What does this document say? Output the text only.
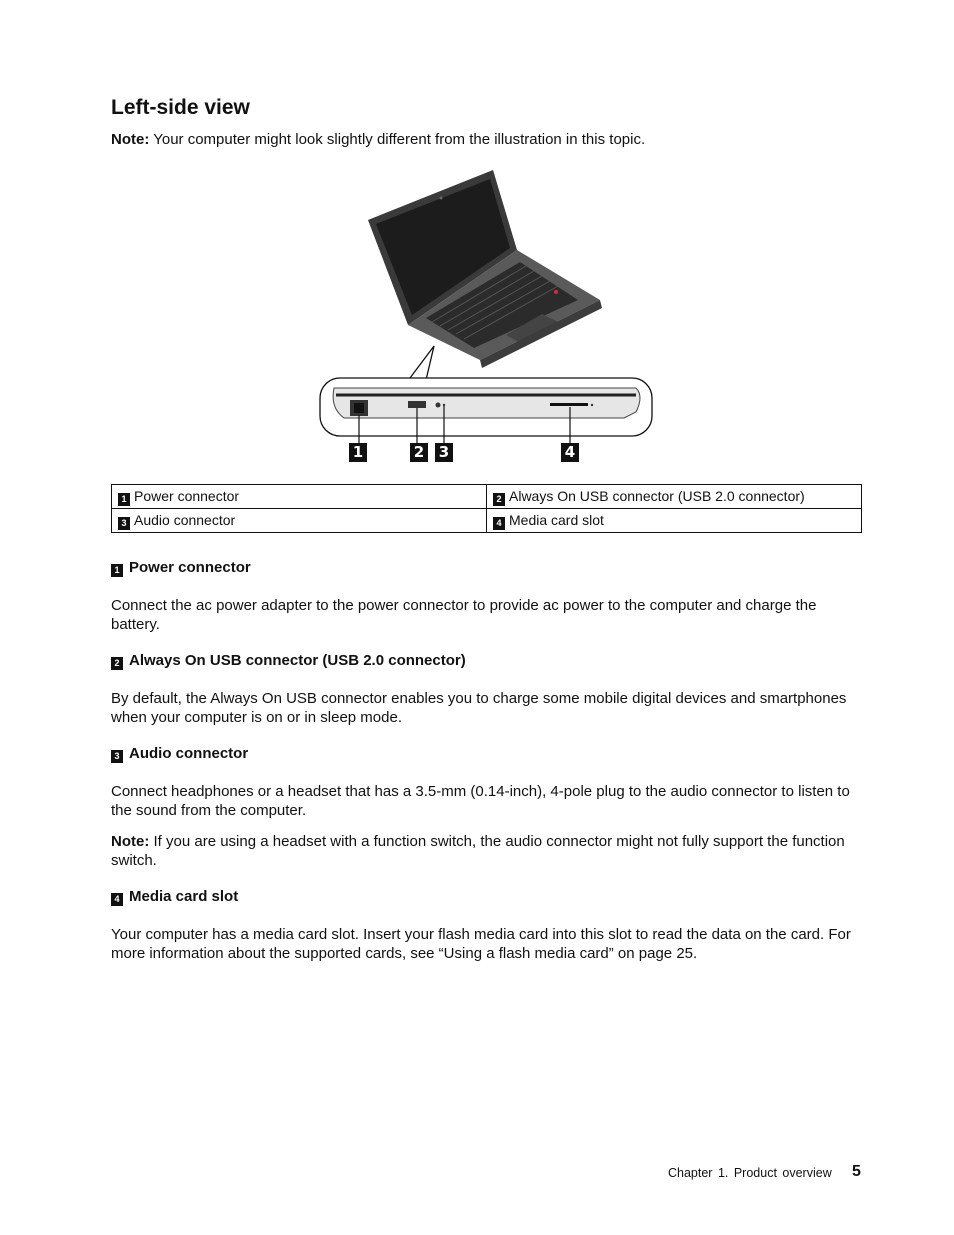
Left-side view

Note: Your computer might look slightly different from the illustration in this topic.

1	2 3	4
1 Power connector	2 Always On USB connector (USB 2.0 connector)
3 Audio connector	4 Media card slot
1 Power connector

Connect the ac power adapter to the power connector to provide ac power to the computer and charge the battery.

2 Always On USB connector (USB 2.0 connector)

By default, the Always On USB connector enables you to charge some mobile digital devices and smartphones when your computer is on or in sleep mode.

3 Audio connector

Connect headphones or a headset that has a 3.5-mm (0.14-inch), 4-pole plug to the audio connector to listen to the sound from the computer.

Note: If you are using a headset with a function switch, the audio connector might not fully support the function switch.

4 Media card slot

Your computer has a media card slot. Insert your flash media card into this slot to read the data on the card. For more information about the supported cards, see “Using a flash media card” on page 25.

Chapter 1. Product overview 5
